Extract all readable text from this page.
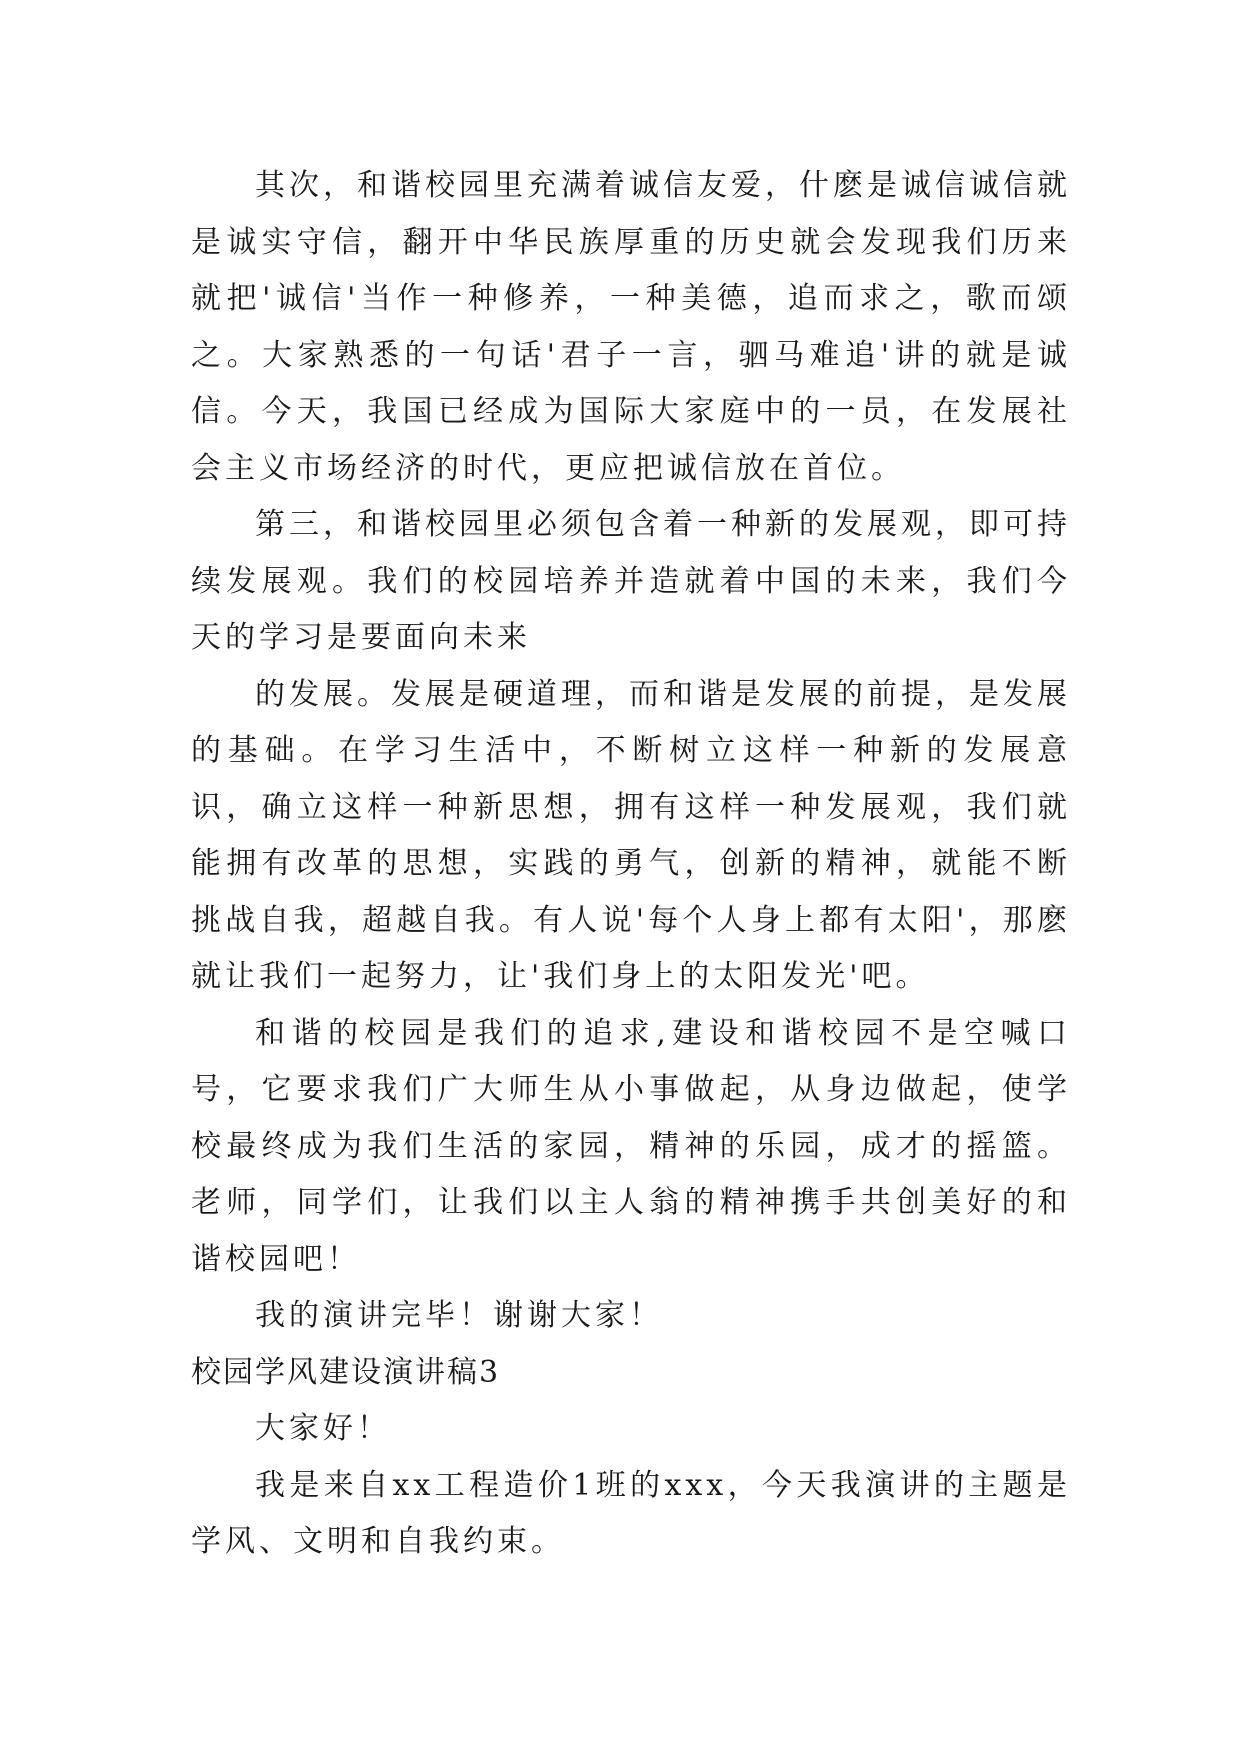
其次，和谐校园里充满着诚信友爱，什麽是诚信诚信就是诚实守信，翻开中华民族厚重的历史就会发现我们历来就把'诚信'当作一种修养，一种美德，追而求之，歌而颂之。大家熟悉的一句话'君子一言，驷马难追'讲的就是诚信。今天，我国已经成为国际大家庭中的一员，在发展社会主义市场经济的时代，更应把诚信放在首位。

第三，和谐校园里必须包含着一种新的发展观，即可持续发展观。我们的校园培养并造就着中国的未来，我们今天的学习是要面向未来

的发展。发展是硬道理，而和谐是发展的前提，是发展的基础。在学习生活中，不断树立这样一种新的发展意识，确立这样一种新思想，拥有这样一种发展观，我们就能拥有改革的思想，实践的勇气，创新的精神，就能不断挑战自我，超越自我。有人说'每个人身上都有太阳'，那麽就让我们一起努力，让'我们身上的太阳发光'吧。

和谐的校园是我们的追求,建设和谐校园不是空喊口号，它要求我们广大师生从小事做起，从身边做起，使学校最终成为我们生活的家园，精神的乐园，成才的摇篮。老师，同学们，让我们以主人翁的精神携手共创美好的和谐校园吧！

我的演讲完毕！谢谢大家！

校园学风建设演讲稿3

大家好！

我是来自xx工程造价1班的xxx，今天我演讲的主题是学风、文明和自我约束。
